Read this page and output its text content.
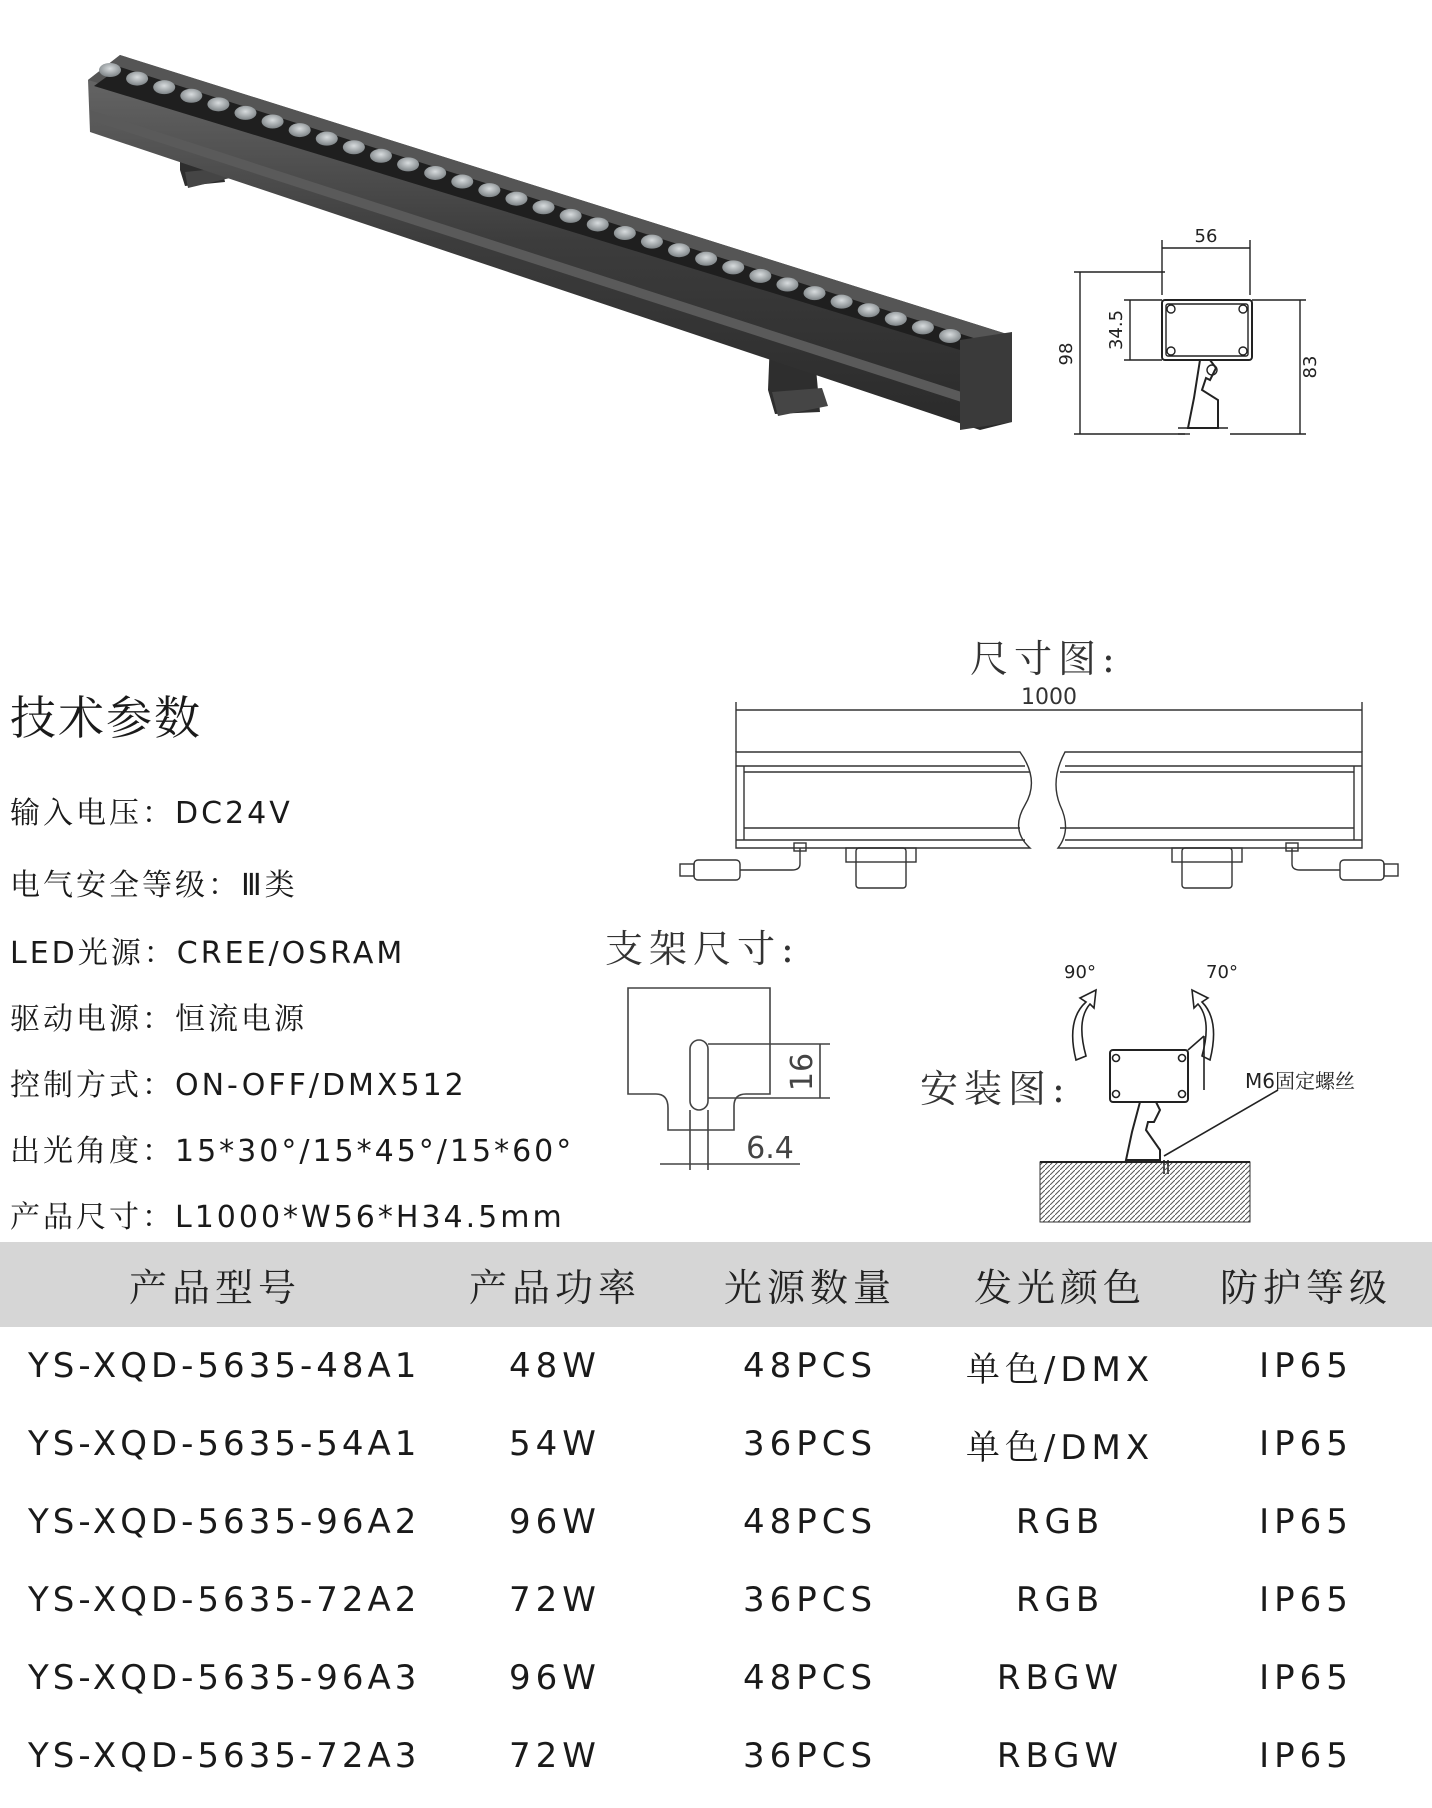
56
98
34.5
83
尺寸图:
1000
支架尺寸:
16
6.4
安装图:
90°	70°
M6固定螺丝
技术参数
输入电压：DC24V
电气安全等级：Ⅲ类
LED光源：CREE/OSRAM
驱动电源：恒流电源
控制方式：ON-OFF/DMX512
出光角度：15*30°/15*45°/15*60°
产品尺寸：L1000*W56*H34.5mm
产品型号	产品功率	光源数量	发光颜色	防护等级
YS-XQD-5635-48A1	48W	48PCS	单色/DMX	IP65
YS-XQD-5635-54A1	54W	36PCS	单色/DMX	IP65
YS-XQD-5635-96A2	96W	48PCS	RGB	IP65
YS-XQD-5635-72A2	72W	36PCS	RGB	IP65
YS-XQD-5635-96A3	96W	48PCS	RBGW	IP65
YS-XQD-5635-72A3	72W	36PCS	RBGW	IP65
